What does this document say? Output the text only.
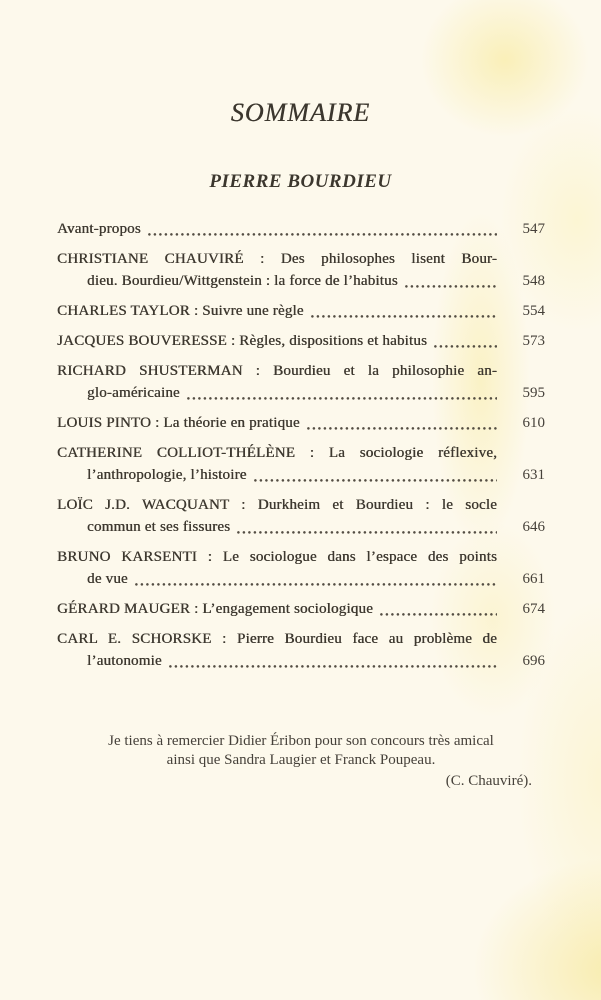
SOMMAIRE
PIERRE BOURDIEU
Avant-propos	547
CHRISTIANE CHAUVIRÉ : Des philosophes lisent Bour-
dieu. Bourdieu/Wittgenstein : la force de l’habitus	548
CHARLES TAYLOR : Suivre une règle	554
JACQUES BOUVERESSE : Règles, dispositions et habitus	573
RICHARD SHUSTERMAN : Bourdieu et la philosophie an-
glo-américaine	595
LOUIS PINTO : La théorie en pratique	610
CATHERINE COLLIOT-THÉLÈNE : La sociologie réflexive,
l’anthropologie, l’histoire	631
LOÏC J.D. WACQUANT : Durkheim et Bourdieu : le socle
commun et ses fissures	646
BRUNO KARSENTI : Le sociologue dans l’espace des points
de vue	661
GÉRARD MAUGER : L’engagement sociologique	674
CARL E. SCHORSKE : Pierre Bourdieu face au problème de
l’autonomie	696
Je tiens à remercier Didier Éribon pour son concours très amical
ainsi que Sandra Laugier et Franck Poupeau.
(C. Chauviré).
